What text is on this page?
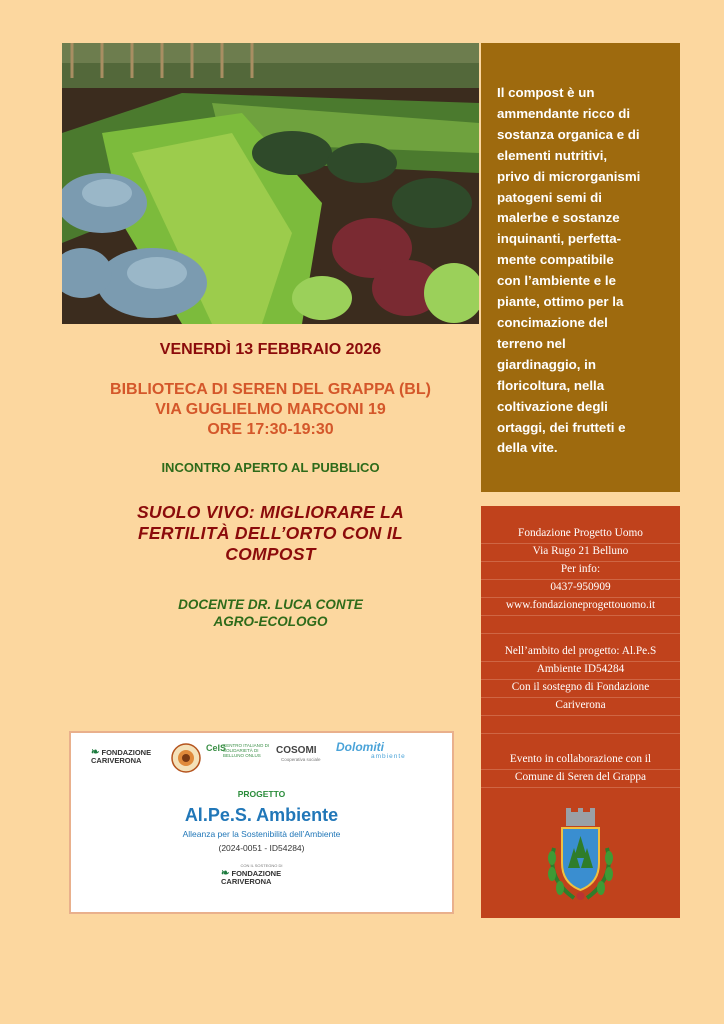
Il compost è un
ammendante ricco di
sostanza organica e di
elementi nutritivi,
privo di microrganismi
patogeni semi di
malerbe e sostanze
inquinanti, perfetta-
mente compatibile
con l’ambiente e le
piante, ottimo per la
concimazione del
terreno nel
giardinaggio, in
floricoltura, nella
coltivazione degli
ortaggi, dei frutteti e
della vite.

VENERDÌ 13 FEBBRAIO 2026
BIBLIOTECA DI SEREN DEL GRAPPA (BL)
VIA GUGLIELMO MARCONI 19
ORE 17:30-19:30
INCONTRO APERTO AL PUBBLICO
SUOLO VIVO: MIGLIORARE LA
FERTILITÀ DELL’ORTO CON IL
COMPOST
DOCENTE DR. LUCA CONTE
AGRO-ECOLOGO
❧ FONDAZIONE
CARIVERONA
CeIS
CENTRO ITALIANO DI SOLIDARIETÀ DI BELLUNO ONLUS	COSOMI
Cooperativa sociale
Dolomiti
ambiente
PROGETTO
Al.Pe.S. Ambiente
Alleanza per la Sostenibilità dell’Ambiente
(2024-0051 - ID54284)
CON IL SOSTEGNO DI
❧ FONDAZIONE
CARIVERONA
Fondazione Progetto Uomo
Via Rugo 21 Belluno
Per info:
0437-950909
www.fondazioneprogettouomo.it
Nell’ambito del progetto: Al.Pe.S
Ambiente ID54284
Con il sostegno di Fondazione
Cariverona
Evento in collaborazione con il
Comune di Seren del Grappa
